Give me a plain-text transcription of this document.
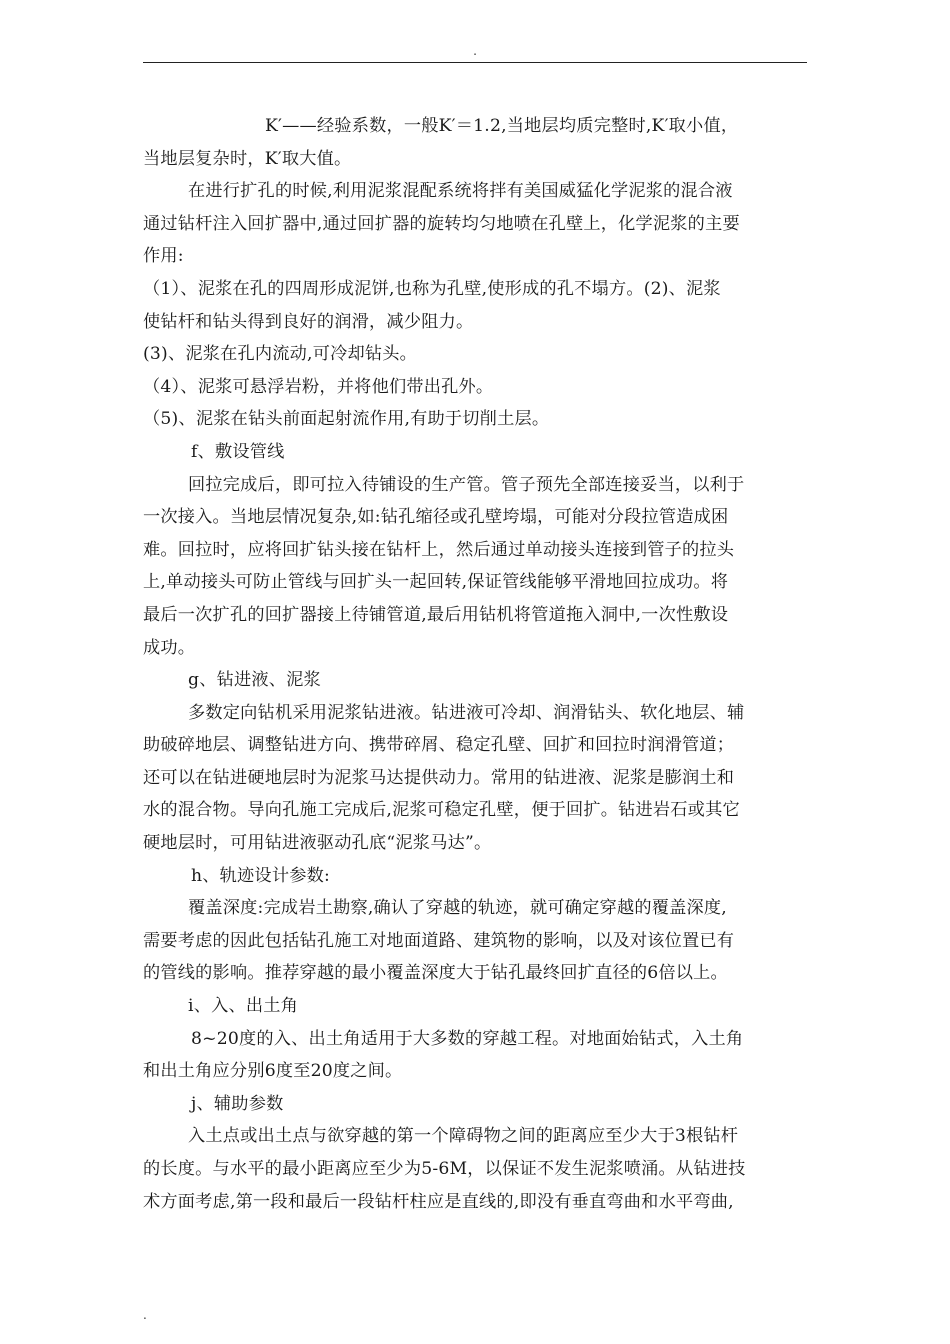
.
K′——经验系数，一般K′＝1.2,当地层均质完整时,K′取小值，
当地层复杂时，K′取大值。
在进行扩孔的时候,利用泥浆混配系统将拌有美国威猛化学泥浆的混合液
通过钻杆注入回扩器中,通过回扩器的旋转均匀地喷在孔壁上，化学泥浆的主要
作用:
（1）、泥浆在孔的四周形成泥饼,也称为孔壁,使形成的孔不塌方。(2)、泥浆
使钻杆和钻头得到良好的润滑，减少阻力。
(3)、泥浆在孔内流动,可冷却钻头。
（4）、泥浆可悬浮岩粉，并将他们带出孔外。
（5)、泥浆在钻头前面起射流作用,有助于切削土层。
f、敷设管线
回拉完成后，即可拉入待铺设的生产管。管子预先全部连接妥当，以利于
一次接入。当地层情况复杂,如:钻孔缩径或孔壁垮塌，可能对分段拉管造成困
难。回拉时，应将回扩钻头接在钻杆上，然后通过单动接头连接到管子的拉头
上,单动接头可防止管线与回扩头一起回转,保证管线能够平滑地回拉成功。将
最后一次扩孔的回扩器接上待铺管道,最后用钻机将管道拖入洞中,一次性敷设
成功。
g、钻进液、泥浆
多数定向钻机采用泥浆钻进液。钻进液可冷却、润滑钻头、软化地层、辅
助破碎地层、调整钻进方向、携带碎屑、稳定孔壁、回扩和回拉时润滑管道；
还可以在钻进硬地层时为泥浆马达提供动力。常用的钻进液、泥浆是膨润土和
水的混合物。导向孔施工完成后,泥浆可稳定孔壁，便于回扩。钻进岩石或其它
硬地层时，可用钻进液驱动孔底“泥浆马达”。
h、轨迹设计参数:
覆盖深度:完成岩土勘察,确认了穿越的轨迹，就可确定穿越的覆盖深度,
需要考虑的因此包括钻孔施工对地面道路、建筑物的影响，以及对该位置已有
的管线的影响。推荐穿越的最小覆盖深度大于钻孔最终回扩直径的6倍以上。
i、入、出土角
8~20度的入、出土角适用于大多数的穿越工程。对地面始钻式，入土角
和出土角应分别6度至20度之间。
j、辅助参数
入土点或出土点与欲穿越的第一个障碍物之间的距离应至少大于3根钻杆
的长度。与水平的最小距离应至少为5-6M，以保证不发生泥浆喷涌。从钻进技
术方面考虑,第一段和最后一段钻杆柱应是直线的,即没有垂直弯曲和水平弯曲,
.
